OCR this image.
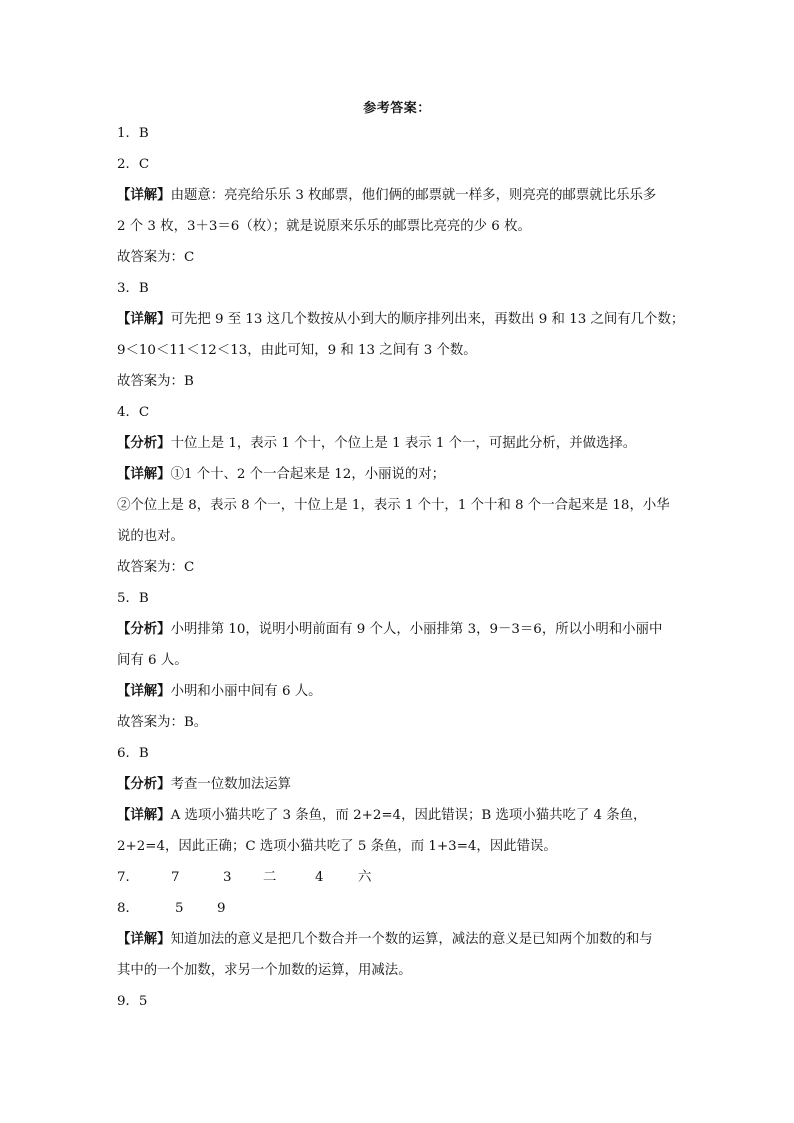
参考答案：
1．B
2．C
【详解】由题意：亮亮给乐乐 3 枚邮票，他们俩的邮票就一样多，则亮亮的邮票就比乐乐多
2 个 3 枚，3＋3＝6（枚）；就是说原来乐乐的邮票比亮亮的少 6 枚。
故答案为：C
3．B
【详解】可先把 9 至 13 这几个数按从小到大的顺序排列出来，再数出 9 和 13 之间有几个数；
9＜10＜11＜12＜13，由此可知，9 和 13 之间有 3 个数。
故答案为：B
4．C
【分析】十位上是 1，表示 1 个十，个位上是 1 表示 1 个一，可据此分析，并做选择。
【详解】①1 个十、2 个一合起来是 12，小丽说的对；
②个位上是 8，表示 8 个一，十位上是 1，表示 1 个十，1 个十和 8 个一合起来是 18，小华
说的也对。
故答案为：C
5．B
【分析】小明排第 10，说明小明前面有 9 个人，小丽排第 3，9－3＝6，所以小明和小丽中
间有 6 人。
【详解】小明和小丽中间有 6 人。
故答案为：B。
6．B
【分析】考查一位数加法运算
【详解】A 选项小猫共吃了 3 条鱼，而 2+2=4，因此错误；B 选项小猫共吃了 4 条鱼，
2+2=4，因此正确；C 选项小猫共吃了 5 条鱼，而 1+3=4，因此错误。
7． 7	3 二	4	六
8．	5 9
【详解】知道加法的意义是把几个数合并一个数的运算，减法的意义是已知两个加数的和与
其中的一个加数，求另一个加数的运算，用减法。
9．5
